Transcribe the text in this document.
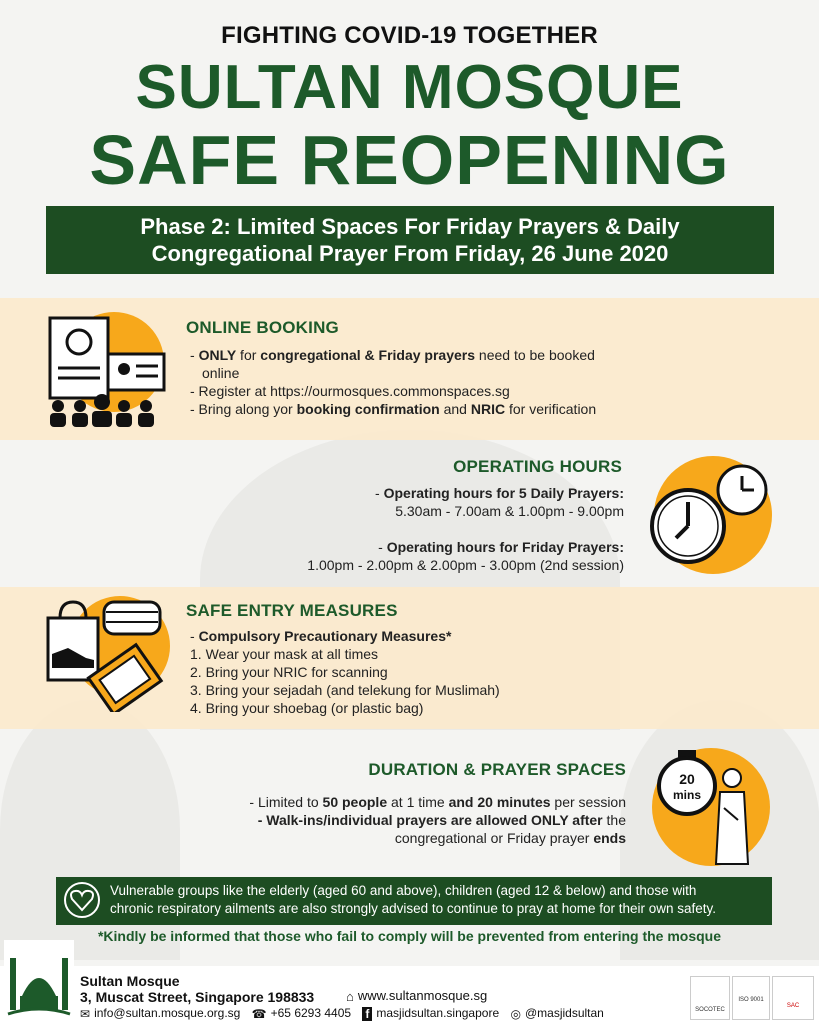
FIGHTING COVID-19 TOGETHER
SULTAN MOSQUE
SAFE REOPENING
Phase 2: Limited Spaces For Friday Prayers & Daily
Congregational Prayer From Friday, 26 June 2020
ONLINE BOOKING
- ONLY for congregational & Friday prayers need to be booked
online
- Register at https://ourmosques.commonspaces.sg
- Bring along yor booking confirmation and NRIC for verification
OPERATING HOURS
- Operating hours for 5 Daily Prayers:
5.30am - 7.00am & 1.00pm - 9.00pm
- Operating hours for Friday Prayers:
1.00pm - 2.00pm & 2.00pm - 3.00pm (2nd session)
SAFE ENTRY MEASURES
- Compulsory Precautionary Measures*
1. Wear your mask at all times
2. Bring your NRIC for scanning
3. Bring your sejadah (and telekung for Muslimah)
4. Bring your shoebag (or plastic bag)
DURATION & PRAYER SPACES
- Limited to 50 people at 1 time and 20 minutes per session
- Walk-ins/individual prayers are allowed ONLY after the
congregational or Friday prayer ends
20
mins
Vulnerable groups like the elderly (aged 60 and above), children (aged 12 & below) and those with
chronic respiratory ailments are also strongly advised to continue to pray at home for their own safety.
*Kindly be informed that those who fail to comply will be prevented from entering the mosque
Sultan Mosque
3, Muscat Street, Singapore 198833 ⌂ www.sultanmosque.sg
✉ info@sultan.mosque.org.sg ☎ +65 6293 4405 f masjidsultan.singapore ◎ @masjidsultan	SOCOTEC
ISO 9001
SAC
